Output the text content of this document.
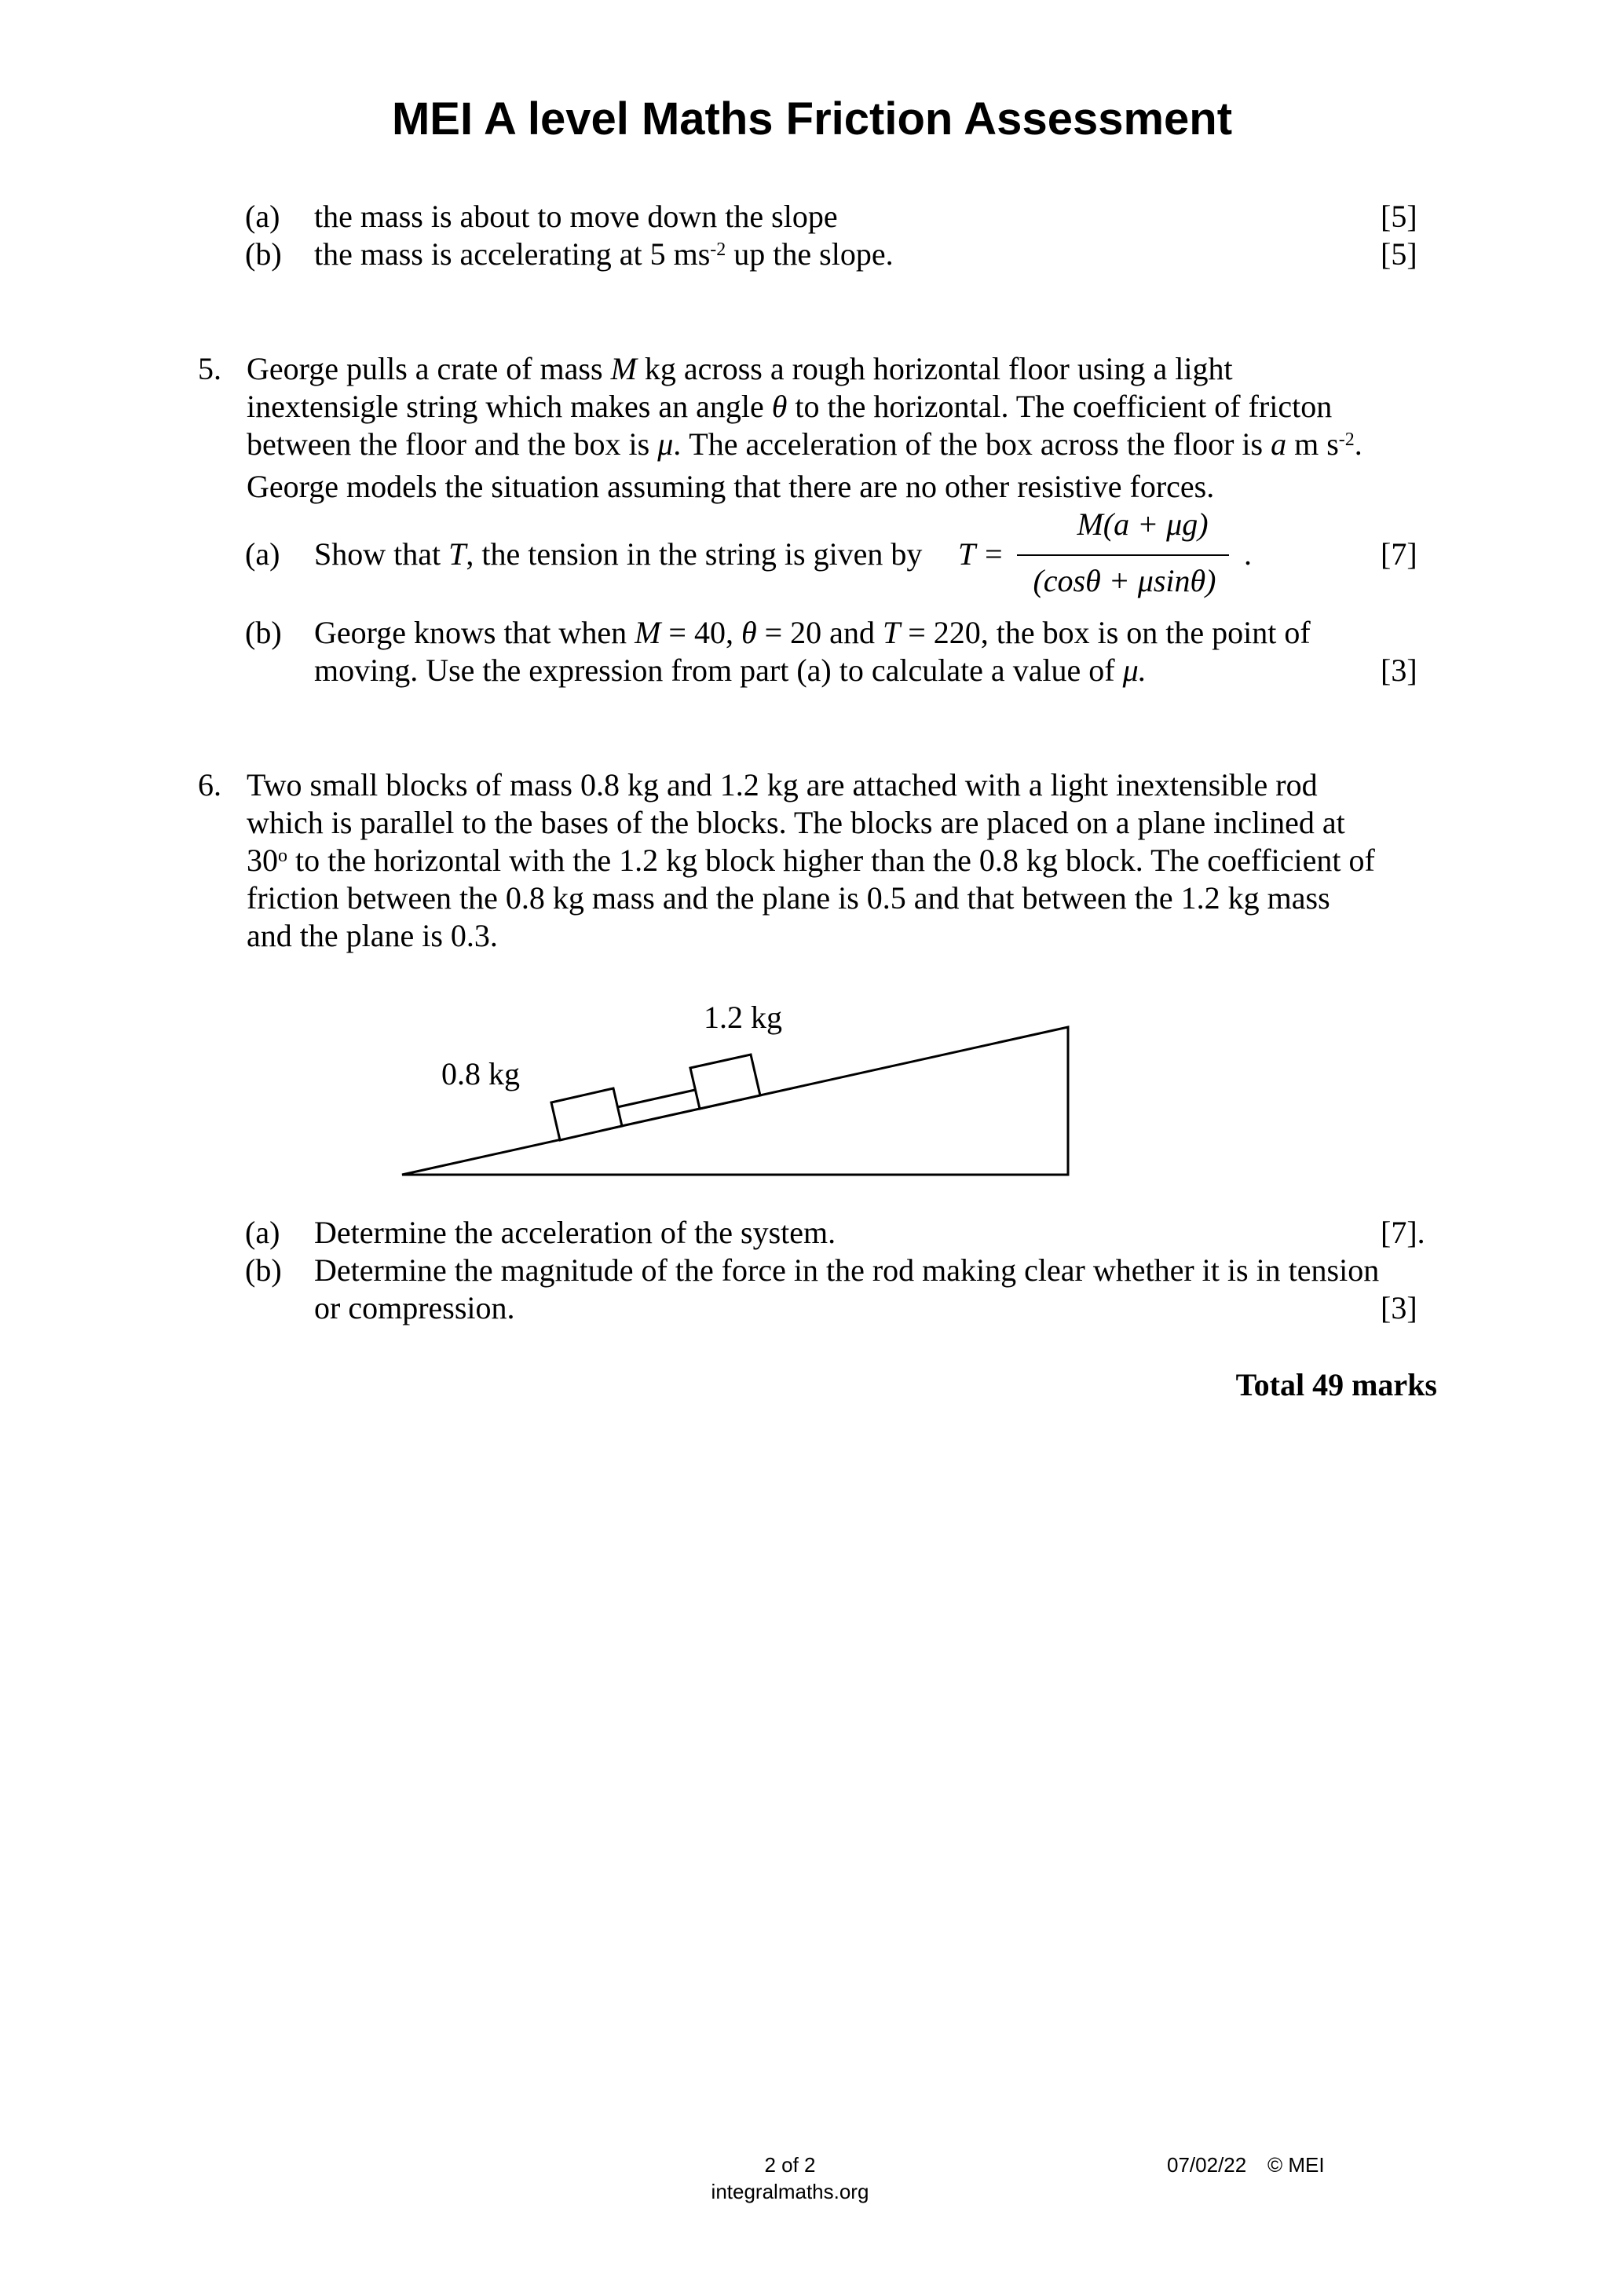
MEI A level Maths Friction Assessment
(a) the mass is about to move down the slope	[5]
(b) the mass is accelerating at 5 $ms^{-2}$ up the slope.	[5]
5. George pulls a crate of mass M kg across a rough horizontal floor using a light
inextensigle string which makes an angle θ to the horizontal. The coefficient of fricton
between the floor and the box is μ. The acceleration of the box across the floor is a m $s^{-2}$.
George models the situation assuming that there are no other resistive forces.
(a) Show that T, the tension in the string is given by T =
M(a + μg)
(cosθ + μsinθ)
.	[7]
(b) George knows that when M = 40, θ = 20 and T = 220, the box is on the point of
moving. Use the expression from part (a) to calculate a value of μ.	[3]
6. Two small blocks of mass 0.8 kg and 1.2 kg are attached with a light inextensible rod
which is parallel to the bases of the blocks. The blocks are placed on a plane inclined at
30$^o$ to the horizontal with the 1.2 kg block higher than the 0.8 kg block. The coefficient of
friction between the 0.8 kg mass and the plane is 0.5 and that between the 1.2 kg mass
and the plane is 0.3.
1.2 kg
0.8 kg
(a) Determine the acceleration of the system.	[7].
(b) Determine the magnitude of the force in the rod making clear whether it is in tension
or compression.	[3]
Total 49 marks
2 of 2
integralmaths.org
07/02/22 © MEI
